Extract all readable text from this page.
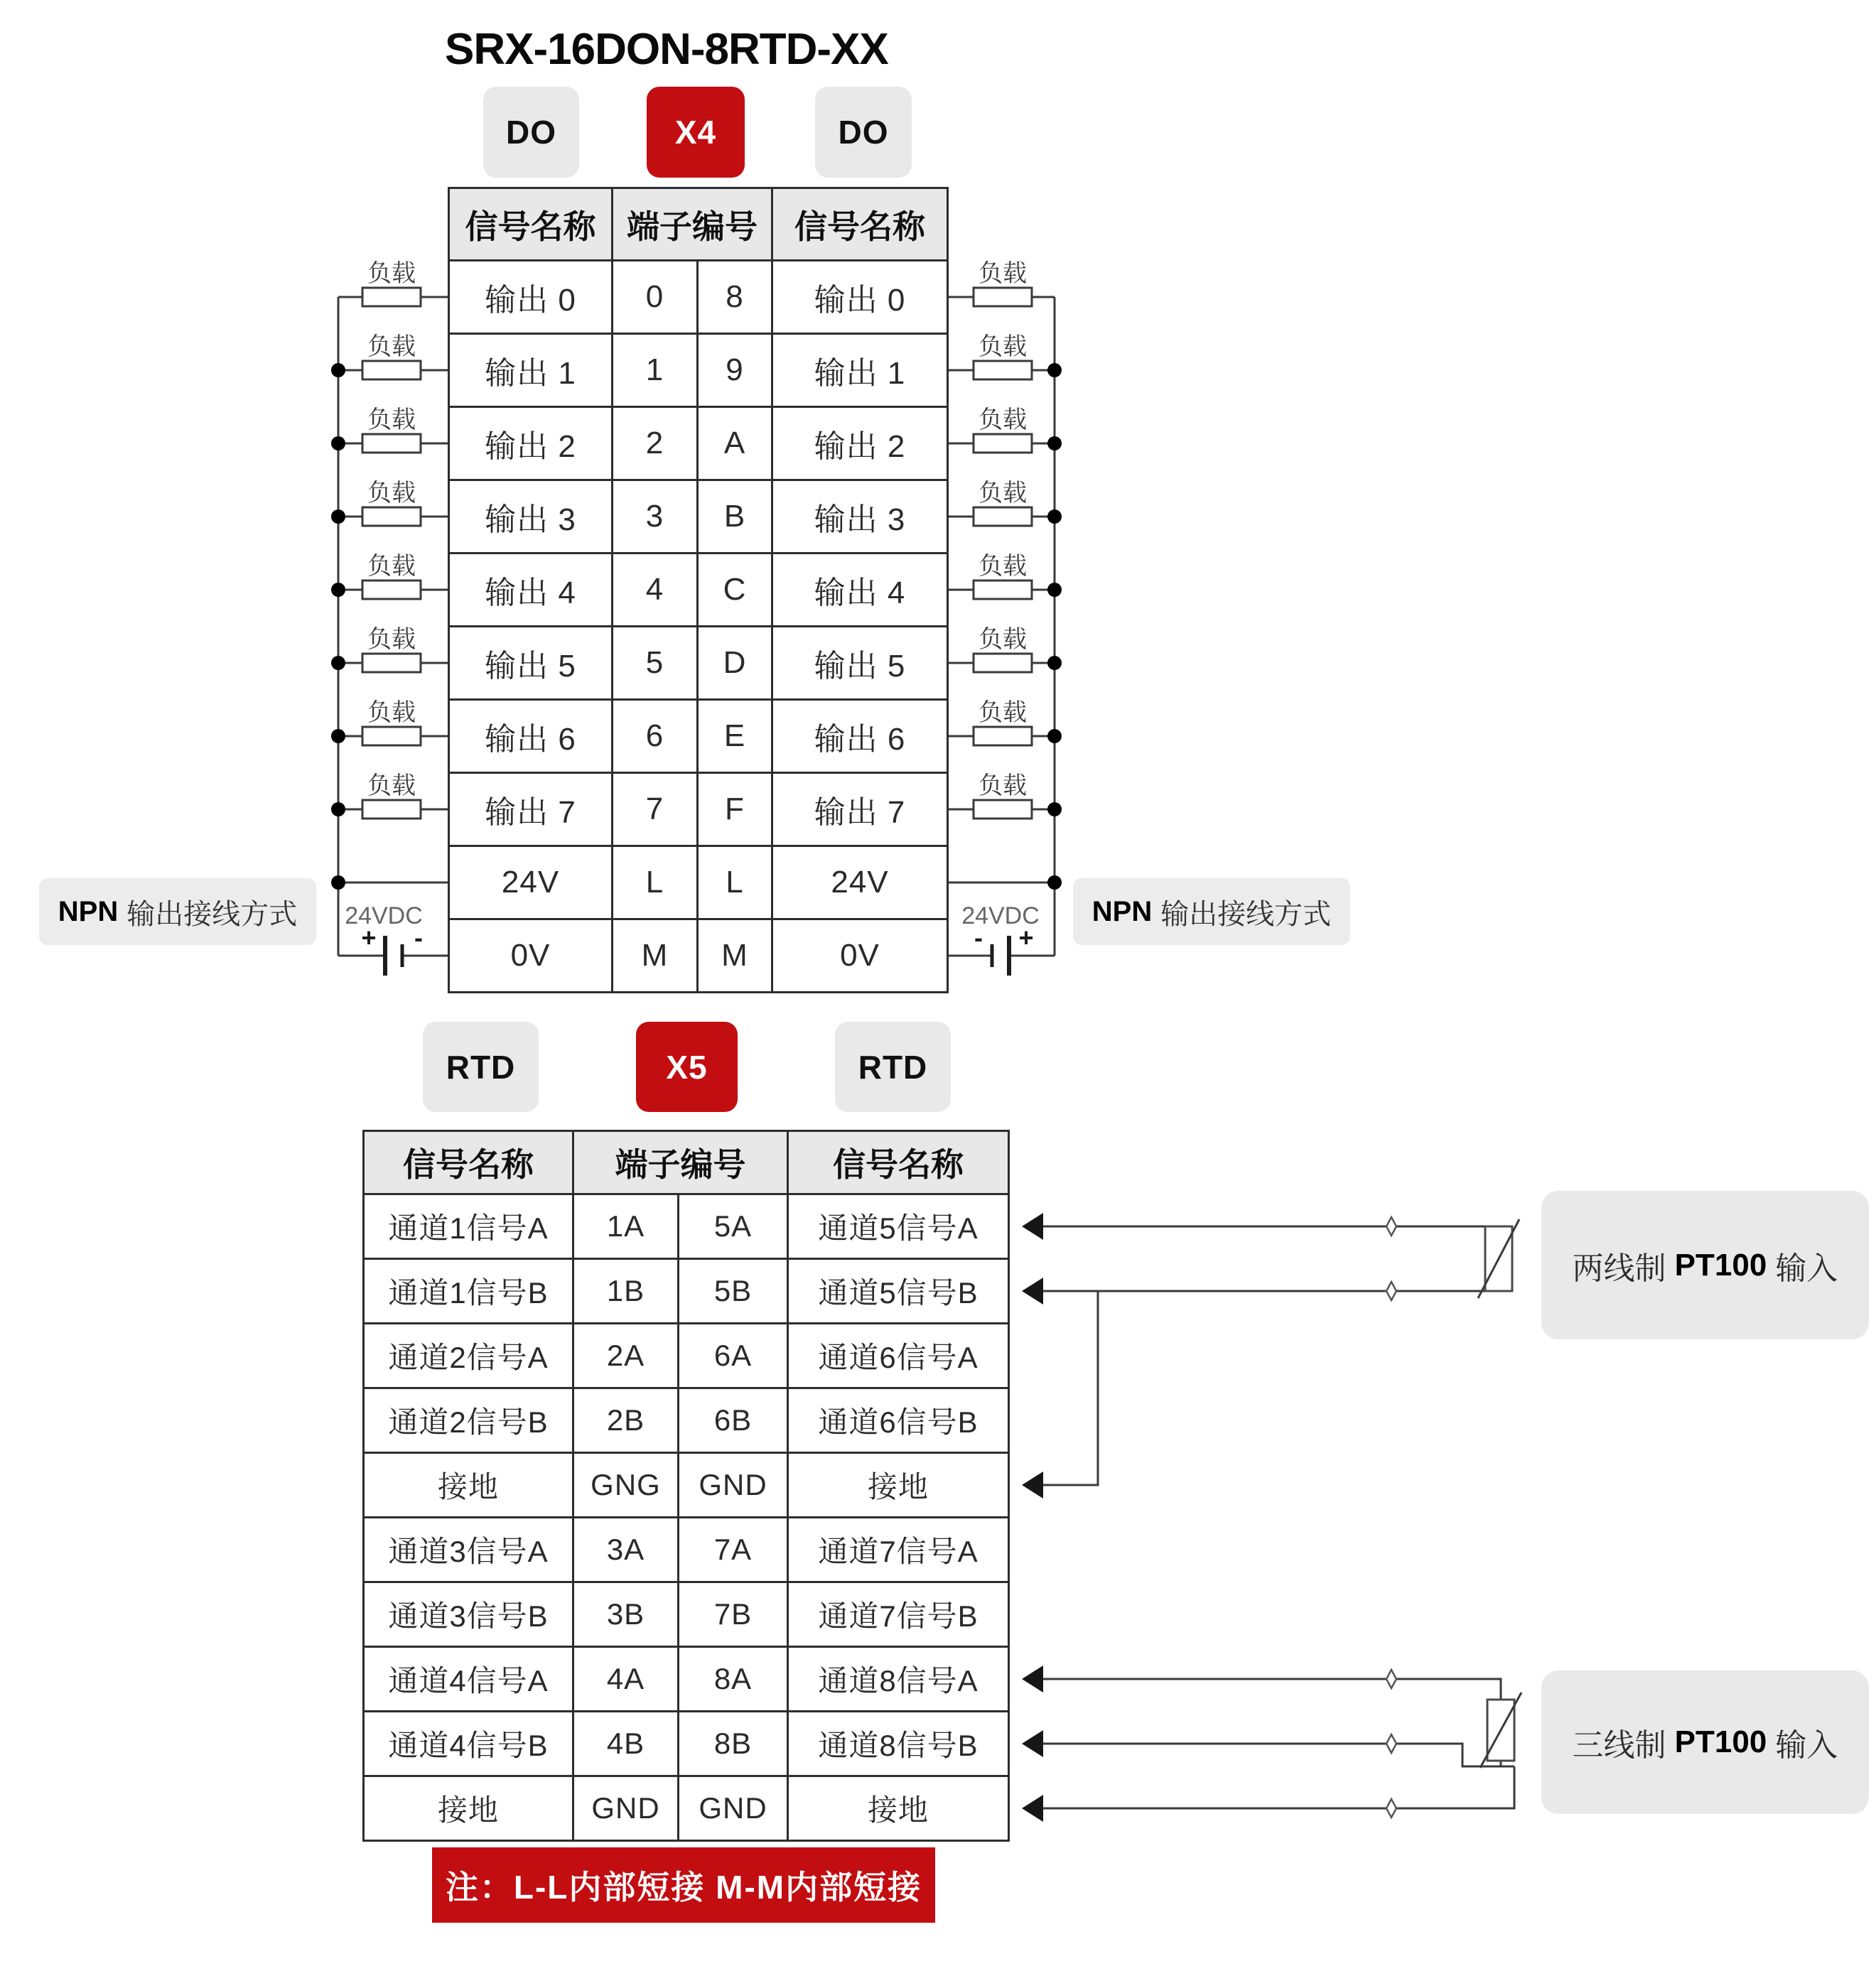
负载
负载
负载
负载
负载
负载
负载
负载
+ -
24VDC
负载
负载
负载
负载
负载
负载
负载
负载
- +
24VDC
SRX-16DON-8RTD-XX
DO	X4	DO
信号名称 端子编号	信号名称
输出 0	0	8	输出 0
输出 1	1	9	输出 1
输出 2	2	A	输出 2
输出 3	3	B	输出 3
输出 4	4	C	输出 4
输出 5	5	D	输出 5
输出 6	6	E	输出 6
输出 7	7	F	输出 7
24V	L	L	24V
0V	M	M	0V
NPN 输出接线方式	NPN 输出接线方式
RTD	X5	RTD
信号名称	端子编号	信号名称
通道1信号A	1A	5A	通道5信号A
通道1信号B	1B	5B	通道5信号B
通道2信号A	2A	6A	通道6信号A
通道2信号B	2B	6B	通道6信号B
接地	GNG	GND	接地
通道3信号A	3A	7A	通道7信号A
通道3信号B	3B	7B	通道7信号B
通道4信号A	4A	8A	通道8信号A
通道4信号B	4B	8B	通道8信号B
接地	GND	GND	接地
两线制 PT100 输入
三线制 PT100 输入
注：L-L内部短接 M-M内部短接
